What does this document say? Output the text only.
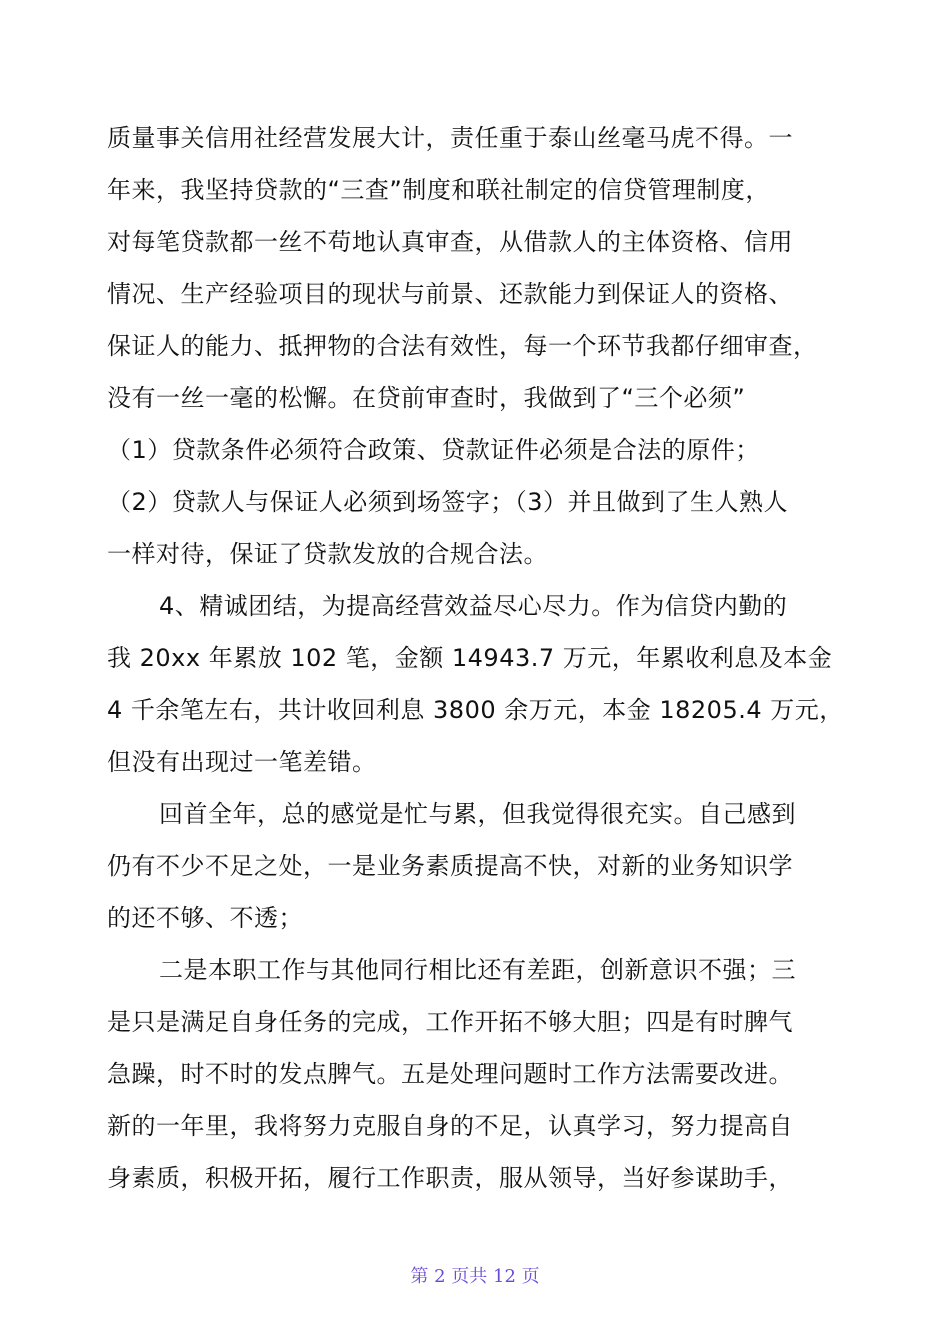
质量事关信用社经营发展大计，责任重于泰山丝毫马虎不得。一
年来，我坚持贷款的“三查”制度和联社制定的信贷管理制度，
对每笔贷款都一丝不苟地认真审查，从借款人的主体资格、信用
情况、生产经验项目的现状与前景、还款能力到保证人的资格、
保证人的能力、抵押物的合法有效性，每一个环节我都仔细审查，
没有一丝一毫的松懈。在贷前审查时，我做到了“三个必须”
（1）贷款条件必须符合政策、贷款证件必须是合法的原件；
（2）贷款人与保证人必须到场签字；（3）并且做到了生人熟人
一样对待，保证了贷款发放的合规合法。
4、精诚团结，为提高经营效益尽心尽力。作为信贷内勤的
我 20xx 年累放 102 笔，金额 14943.7 万元，年累收利息及本金
4 千余笔左右，共计收回利息 3800 余万元，本金 18205.4 万元，
但没有出现过一笔差错。
回首全年，总的感觉是忙与累，但我觉得很充实。自己感到
仍有不少不足之处，一是业务素质提高不快，对新的业务知识学
的还不够、不透；
二是本职工作与其他同行相比还有差距，创新意识不强；三
是只是满足自身任务的完成，工作开拓不够大胆；四是有时脾气
急躁，时不时的发点脾气。五是处理问题时工作方法需要改进。
新的一年里，我将努力克服自身的不足，认真学习，努力提高自
身素质，积极开拓，履行工作职责，服从领导，当好参谋助手，
第 2 页共 12 页
